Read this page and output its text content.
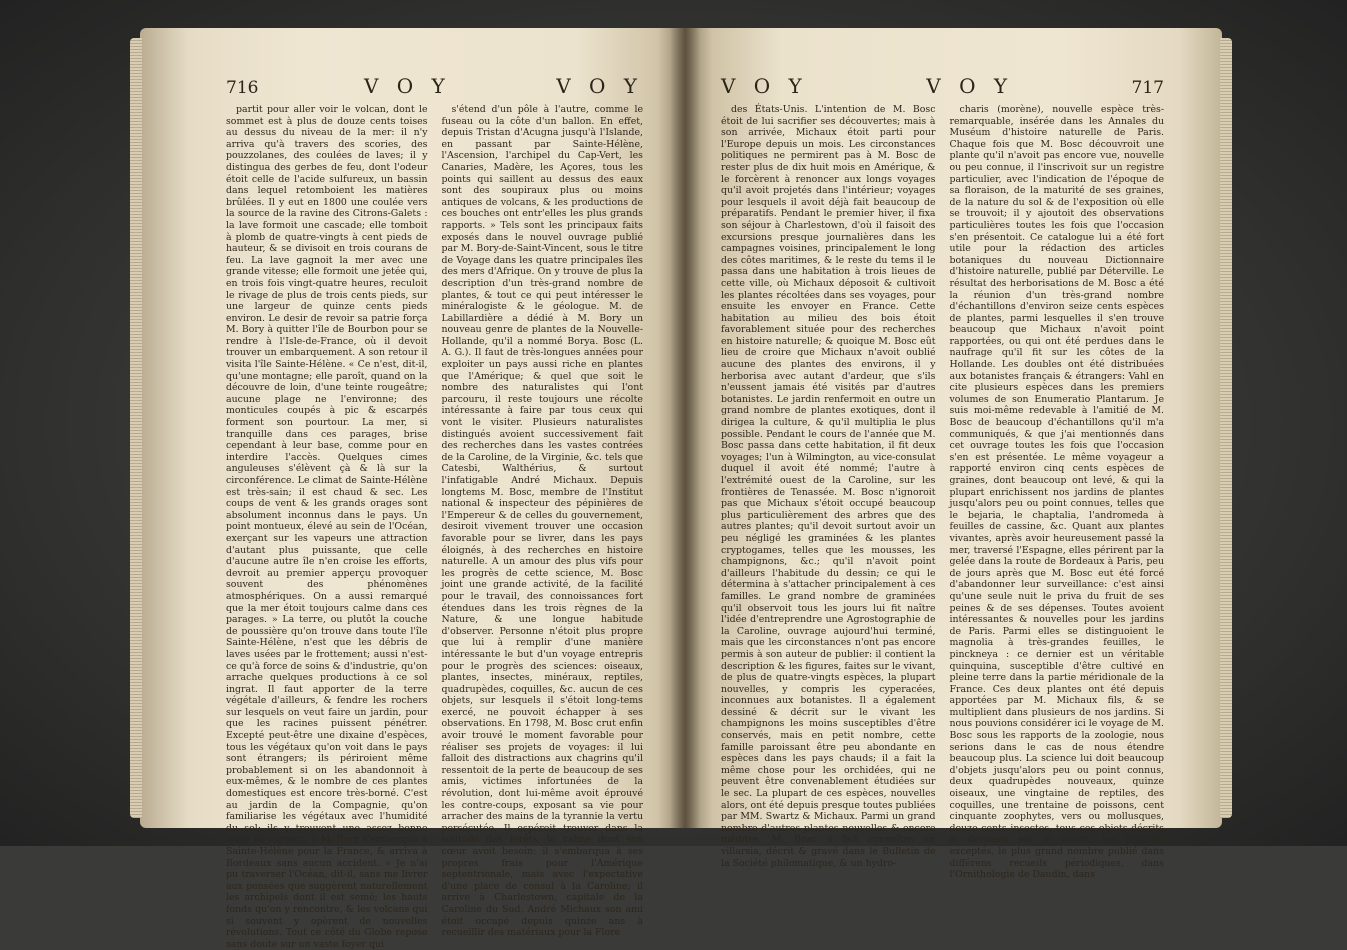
716	V O Y	V O Y

partit pour aller voir le volcan, dont le sommet est à plus de douze cents toises au dessus du niveau de la mer: il n'y arriva qu'à travers des scories, des pouzzolanes, des coulées de laves; il y distingua des gerbes de feu, dont l'odeur étoit celle de l'acide sulfureux, un bassin dans lequel retomboient les matières brûlées. Il y eut en 1800 une coulée vers la source de la ravine des Citrons-Galets : la lave formoit une cascade; elle tomboit à plomb de quatre-vingts à cent pieds de hauteur, & se divisoit en trois courans de feu. La lave gagnoit la mer avec une grande vitesse; elle formoit une jetée qui, en trois fois vingt-quatre heures, reculoit le rivage de plus de trois cents pieds, sur une largeur de quinze cents pieds environ. Le desir de revoir sa patrie força M. Bory à quitter l'île de Bourbon pour se rendre à l'Isle-de-France, où il devoit trouver un embarquement. A son retour il visita l'île Sainte-Hélène. « Ce n'est, dit-il, qu'une montagne; elle paroît, quand on la découvre de loin, d'une teinte rougeâtre; aucune plage ne l'environne; des monticules coupés à pic & escarpés forment son pourtour. La mer, si tranquille dans ces parages, brise cependant à leur base, comme pour en interdire l'accès. Quelques cimes anguleuses s'élèvent çà & là sur la circonférence. Le climat de Sainte-Hélène est très-sain; il est chaud & sec. Les coups de vent & les grands orages sont absolument inconnus dans le pays. Un point montueux, élevé au sein de l'Océan, exerçant sur les vapeurs une attraction d'autant plus puissante, que celle d'aucune autre île n'en croise les efforts, devroit au premier apperçu provoquer souvent des phénomènes atmosphériques. On a aussi remarqué que la mer étoit toujours calme dans ces parages. » La terre, ou plutôt la couche de poussière qu'on trouve dans toute l'île Sainte-Hélène, n'est que les débris de laves usées par le frottement; aussi n'est-ce qu'à force de soins & d'industrie, qu'on arrache quelques productions à ce sol ingrat. Il faut apporter de la terre végétale d'ailleurs, & fendre les rochers sur lesquels on veut faire un jardin, pour que les racines puissent pénétrer. Excepté peut-être une dixaine d'espèces, tous les végétaux qu'on voit dans le pays sont étrangers; ils périroient même probablement si on les abandonnoit à eux-mêmes, & le nombre de ces plantes domestiques est encore très-borné. C'est au jardin de la Compagnie, qu'on familiarise les végétaux avec l'humidité du sol; ils y trouvent une assez bonne terre de rapport. » M. Bory s'embarqua à Sainte-Hélène pour la France, & arriva à Bordeaux sans aucun accident. « Je n'ai pu traverser l'Océan, dit-il, sans me livrer aux pensées que suggèrent naturellement les archipels dont il est semé; les hauts fonds qu'on y rencontre, & les volcans qui si souvent y opèrent de nouvelles révolutions. Tout ce côté du Globe repose sans doute sur un vaste foyer qui

s'étend d'un pôle à l'autre, comme le fuseau ou la côte d'un ballon. En effet, depuis Tristan d'Acugna jusqu'à l'Islande, en passant par Sainte-Hélène, l'Ascension, l'archipel du Cap-Vert, les Canaries, Madère, les Açores, tous les points qui saillent au dessus des eaux sont des soupiraux plus ou moins antiques de volcans, & les productions de ces bouches ont entr'elles les plus grands rapports. » Tels sont les principaux faits exposés dans le nouvel ouvrage publié par M. Bory-de-Saint-Vincent, sous le titre de Voyage dans les quatre principales îles des mers d'Afrique. On y trouve de plus la description d'un très-grand nombre de plantes, & tout ce qui peut intéresser le minéralogiste & le géologue. M. de Labillardière a dédié à M. Bory un nouveau genre de plantes de la Nouvelle-Hollande, qu'il a nommé Borya. Bosc (L. A. G.). Il faut de très-longues années pour exploiter un pays aussi riche en plantes que l'Amérique; & quel que soit le nombre des naturalistes qui l'ont parcouru, il reste toujours une récolte intéressante à faire par tous ceux qui vont le visiter. Plusieurs naturalistes distingués avoient successivement fait des recherches dans les vastes contrées de la Caroline, de la Virginie, &c. tels que Catesbi, Walthérius, & surtout l'infatigable André Michaux. Depuis longtems M. Bosc, membre de l'Institut national & inspecteur des pépinières de l'Empereur & de celles du gouvernement, desiroit vivement trouver une occasion favorable pour se livrer, dans les pays éloignés, à des recherches en histoire naturelle. A un amour des plus vifs pour les progrès de cette science, M. Bosc joint une grande activité, de la facilité pour le travail, des connoissances fort étendues dans les trois règnes de la Nature, & une longue habitude d'observer. Personne n'étoit plus propre que lui à remplir d'une manière intéressante le but d'un voyage entrepris pour le progrès des sciences: oiseaux, plantes, insectes, minéraux, reptiles, quadrupèdes, coquilles, &c. aucun de ces objets, sur lesquels il s'étoit long-tems exercé, ne pouvoit échapper à ses observations. En 1798, M. Bosc crut enfin avoir trouvé le moment favorable pour réaliser ses projets de voyages: il lui falloit des distractions aux chagrins qu'il ressentoit de la perte de beaucoup de ses amis, victimes infortunées de la révolution, dont lui-même avoit éprouvé les contre-coups, exposant sa vie pour arracher des mains de la tyrannie la vertu persécutée. Il espéroit trouver dans la solitude des forêts, le calme dont son cœur avoit besoin: il s'embarqua à ses propres frais pour l'Amérique septentrionale, mais avec l'expectative d'une place de consul à la Caroline; il arrive à Charlestown, capitale de la Caroline du Sud. André Michaux son ami étoit occupé depuis quinze ans à recueillir des matériaux pour la Flore

V O Y	V O Y	717

des États-Unis. L'intention de M. Bosc étoit de lui sacrifier ses découvertes; mais à son arrivée, Michaux étoit parti pour l'Europe depuis un mois. Les circonstances politiques ne permirent pas à M. Bosc de rester plus de dix huit mois en Amérique, & le forcèrent à renoncer aux longs voyages qu'il avoit projetés dans l'intérieur; voyages pour lesquels il avoit déjà fait beaucoup de préparatifs. Pendant le premier hiver, il fixa son séjour à Charlestown, d'où il faisoit des excursions presque journalières dans les campagnes voisines, principalement le long des côtes maritimes, & le reste du tems il le passa dans une habitation à trois lieues de cette ville, où Michaux déposoit & cultivoit les plantes récoltées dans ses voyages, pour ensuite les envoyer en France. Cette habitation au milieu des bois étoit favorablement située pour des recherches en histoire naturelle; & quoique M. Bosc eût lieu de croire que Michaux n'avoit oublié aucune des plantes des environs, il y herborisa avec autant d'ardeur, que s'ils n'eussent jamais été visités par d'autres botanistes. Le jardin renfermoit en outre un grand nombre de plantes exotiques, dont il dirigea la culture, & qu'il multiplia le plus possible. Pendant le cours de l'année que M. Bosc passa dans cette habitation, il fit deux voyages; l'un à Wilmington, au vice-consulat duquel il avoit été nommé; l'autre à l'extrémité ouest de la Caroline, sur les frontières de Tenassée. M. Bosc n'ignoroit pas que Michaux s'étoit occupé beaucoup plus particulièrement des arbres que des autres plantes; qu'il devoit surtout avoir un peu négligé les graminées & les plantes cryptogames, telles que les mousses, les champignons, &c.; qu'il n'avoit point d'ailleurs l'habitude du dessin; ce qui le détermina à s'attacher principalement à ces familles. Le grand nombre de graminées qu'il observoit tous les jours lui fit naître l'idée d'entreprendre une Agrostographie de la Caroline, ouvrage aujourd'hui terminé, mais que les circonstances n'ont pas encore permis à son auteur de publier: il contient la description & les figures, faites sur le vivant, de plus de quatre-vingts espèces, la plupart nouvelles, y compris les cyperacées, inconnues aux botanistes. Il a également dessiné & décrit sur le vivant les champignons les moins susceptibles d'être conservés, mais en petit nombre, cette famille paroissant être peu abondante en espèces dans les pays chauds; il a fait la même chose pour les orchidées, qui ne peuvent être convenablement étudiées sur le sec. La plupart de ces espèces, nouvelles alors, ont été depuis presque toutes publiées par MM. Swartz & Michaux. Parmi un grand nombre d'autres plantes nouvelles & encore inédites, M. Bosc a fait connoître un villarsia, décrit & gravé dans le Bulletin de la Société philomatique, & un hydro-

charis (morène), nouvelle espèce très-remarquable, insérée dans les Annales du Muséum d'histoire naturelle de Paris. Chaque fois que M. Bosc découvroit une plante qu'il n'avoit pas encore vue, nouvelle ou peu connue, il l'inscrivoit sur un registre particulier, avec l'indication de l'époque de sa floraison, de la maturité de ses graines, de la nature du sol & de l'exposition où elle se trouvoit; il y ajoutoit des observations particulières toutes les fois que l'occasion s'en présentoit. Ce catalogue lui a été fort utile pour la rédaction des articles botaniques du nouveau Dictionnaire d'histoire naturelle, publié par Déterville. Le résultat des herborisations de M. Bosc a été la réunion d'un très-grand nombre d'échantillons d'environ seize cents espèces de plantes, parmi lesquelles il s'en trouve beaucoup que Michaux n'avoit point rapportées, ou qui ont été perdues dans le naufrage qu'il fit sur les côtes de la Hollande. Les doubles ont été distribuées aux botanistes français & étrangers: Vahl en cite plusieurs espèces dans les premiers volumes de son Enumeratio Plantarum. Je suis moi-même redevable à l'amitié de M. Bosc de beaucoup d'échantillons qu'il m'a communiqués, & que j'ai mentionnés dans cet ouvrage toutes les fois que l'occasion s'en est présentée. Le même voyageur a rapporté environ cinq cents espèces de graines, dont beaucoup ont levé, & qui la plupart enrichissent nos jardins de plantes jusqu'alors peu ou point connues, telles que le bejaria, le chaptalia, l'andromeda à feuilles de cassine, &c. Quant aux plantes vivantes, après avoir heureusement passé la mer, traversé l'Espagne, elles périrent par la gelée dans la route de Bordeaux à Paris, peu de jours après que M. Bosc eut été forcé d'abandonner leur surveillance: c'est ainsi qu'une seule nuit le priva du fruit de ses peines & de ses dépenses. Toutes avoient intéressantes & nouvelles pour les jardins de Paris. Parmi elles se distinguoient le magnolia à très-grandes feuilles, le pinckneya : ce dernier est un véritable quinquina, susceptible d'être cultivé en pleine terre dans la partie méridionale de la France. Ces deux plantes ont été depuis apportées par M. Michaux fils, & se multiplient dans plusieurs de nos jardins. Si nous pouvions considérer ici le voyage de M. Bosc sous les rapports de la zoologie, nous serions dans le cas de nous étendre beaucoup plus. La science lui doit beaucoup d'objets jusqu'alors peu ou point connus, deux quadrupèdes nouveaux, quinze oiseaux, une vingtaine de reptiles, des coquilles, une trentaine de poissons, cent cinquante zoophytes, vers ou mollusques, douze cents insectes, tous ces objets décrits & dessinés sur le vivant; les insectes exceptés, le plus grand nombre publié dans différens recueils périodiques, dans l'Ornithologie de Daudin, dans
